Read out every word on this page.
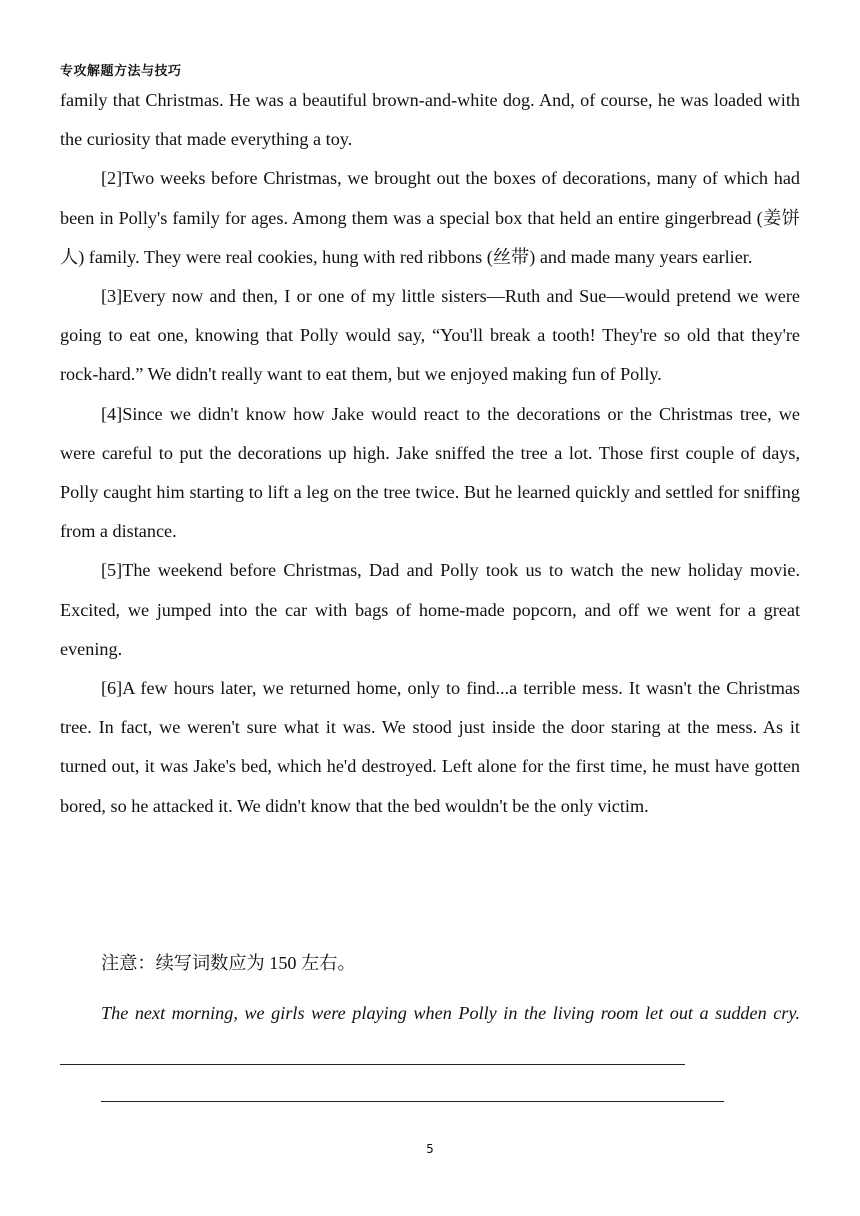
专攻解题方法与技巧

family that Christmas. He was a beautiful brown-and-white dog. And, of course, he was loaded with the curiosity that made everything a toy.

[2]Two weeks before Christmas, we brought out the boxes of decorations, many of which had been in Polly's family for ages. Among them was a special box that held an entire gingerbread (姜饼人) family. They were real cookies, hung with red ribbons (丝带) and made many years earlier.

[3]Every now and then, I or one of my little sisters—Ruth and Sue—would pretend we were going to eat one, knowing that Polly would say, “You'll break a tooth! They're so old that they're rock-hard.” We didn't really want to eat them, but we enjoyed making fun of Polly.

[4]Since we didn't know how Jake would react to the decorations or the Christmas tree, we were careful to put the decorations up high. Jake sniffed the tree a lot. Those first couple of days, Polly caught him starting to lift a leg on the tree twice. But he learned quickly and settled for sniffing from a distance.

[5]The weekend before Christmas, Dad and Polly took us to watch the new holiday movie. Excited, we jumped into the car with bags of home-made popcorn, and off we went for a great evening.

[6]A few hours later, we returned home, only to find...a terrible mess. It wasn't the Christmas tree. In fact, we weren't sure what it was. We stood just inside the door staring at the mess. As it turned out, it was Jake's bed, which he'd destroyed. Left alone for the first time, he must have gotten bored, so he attacked it. We didn't know that the bed wouldn't be the only victim.

注意：续写词数应为 150 左右。
The next morning, we girls were playing when Polly in the living room let out a sudden cry.
5
